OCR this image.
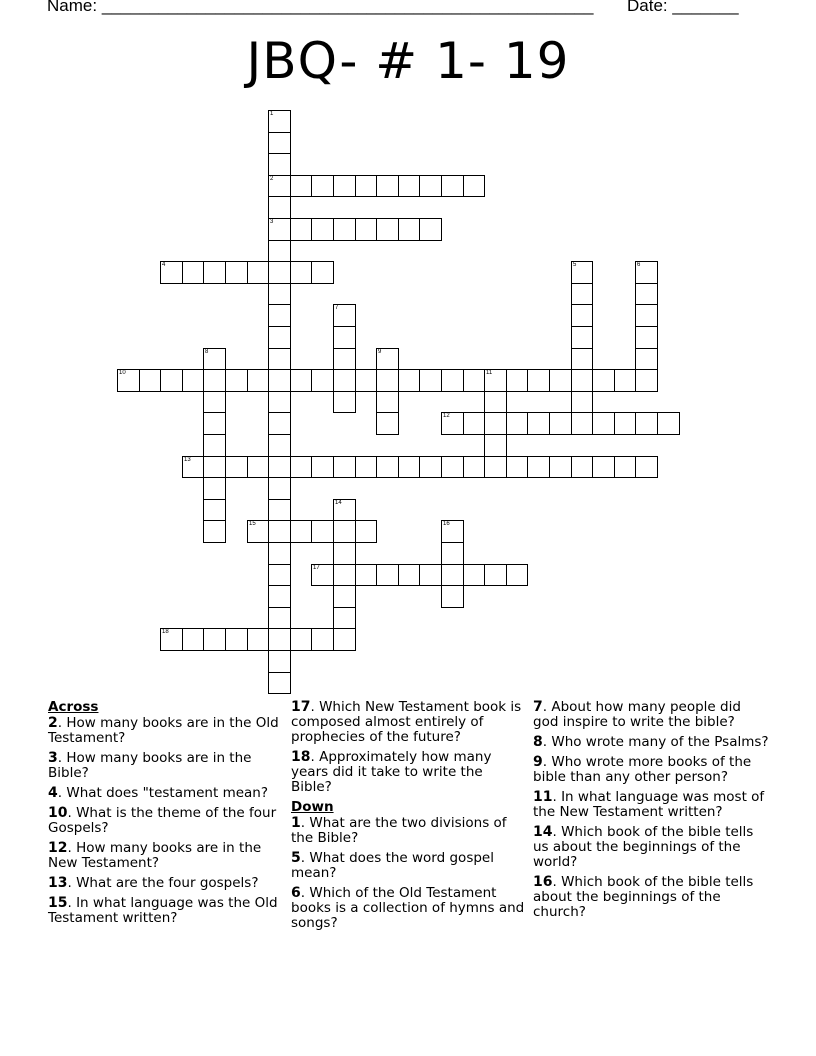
Name: ____________________________________________________ Date: _______
JBQ- # 1- 19
1
2
3
4	5	6
7
8	9
10	11
12
13
14
15	16
17
18
Across
2. How many books are in the Old Testament?
3. How many books are in the Bible?
4. What does "testament mean?
10. What is the theme of the four Gospels?
12. How many books are in the New Testament?
13. What are the four gospels?
15. In what language was the Old Testament written?
17. Which New Testament book is composed almost entirely of prophecies of the future?
18. Approximately how many years did it take to write the Bible?
Down
1. What are the two divisions of the Bible?
5. What does the word gospel mean?
6. Which of the Old Testament books is a collection of hymns and songs?
7. About how many people did god inspire to write the bible?
8. Who wrote many of the Psalms?
9. Who wrote more books of the bible than any other person?
11. In what language was most of the New Testament written?
14. Which book of the bible tells us about the beginnings of the world?
16. Which book of the bible tells about the beginnings of the church?
